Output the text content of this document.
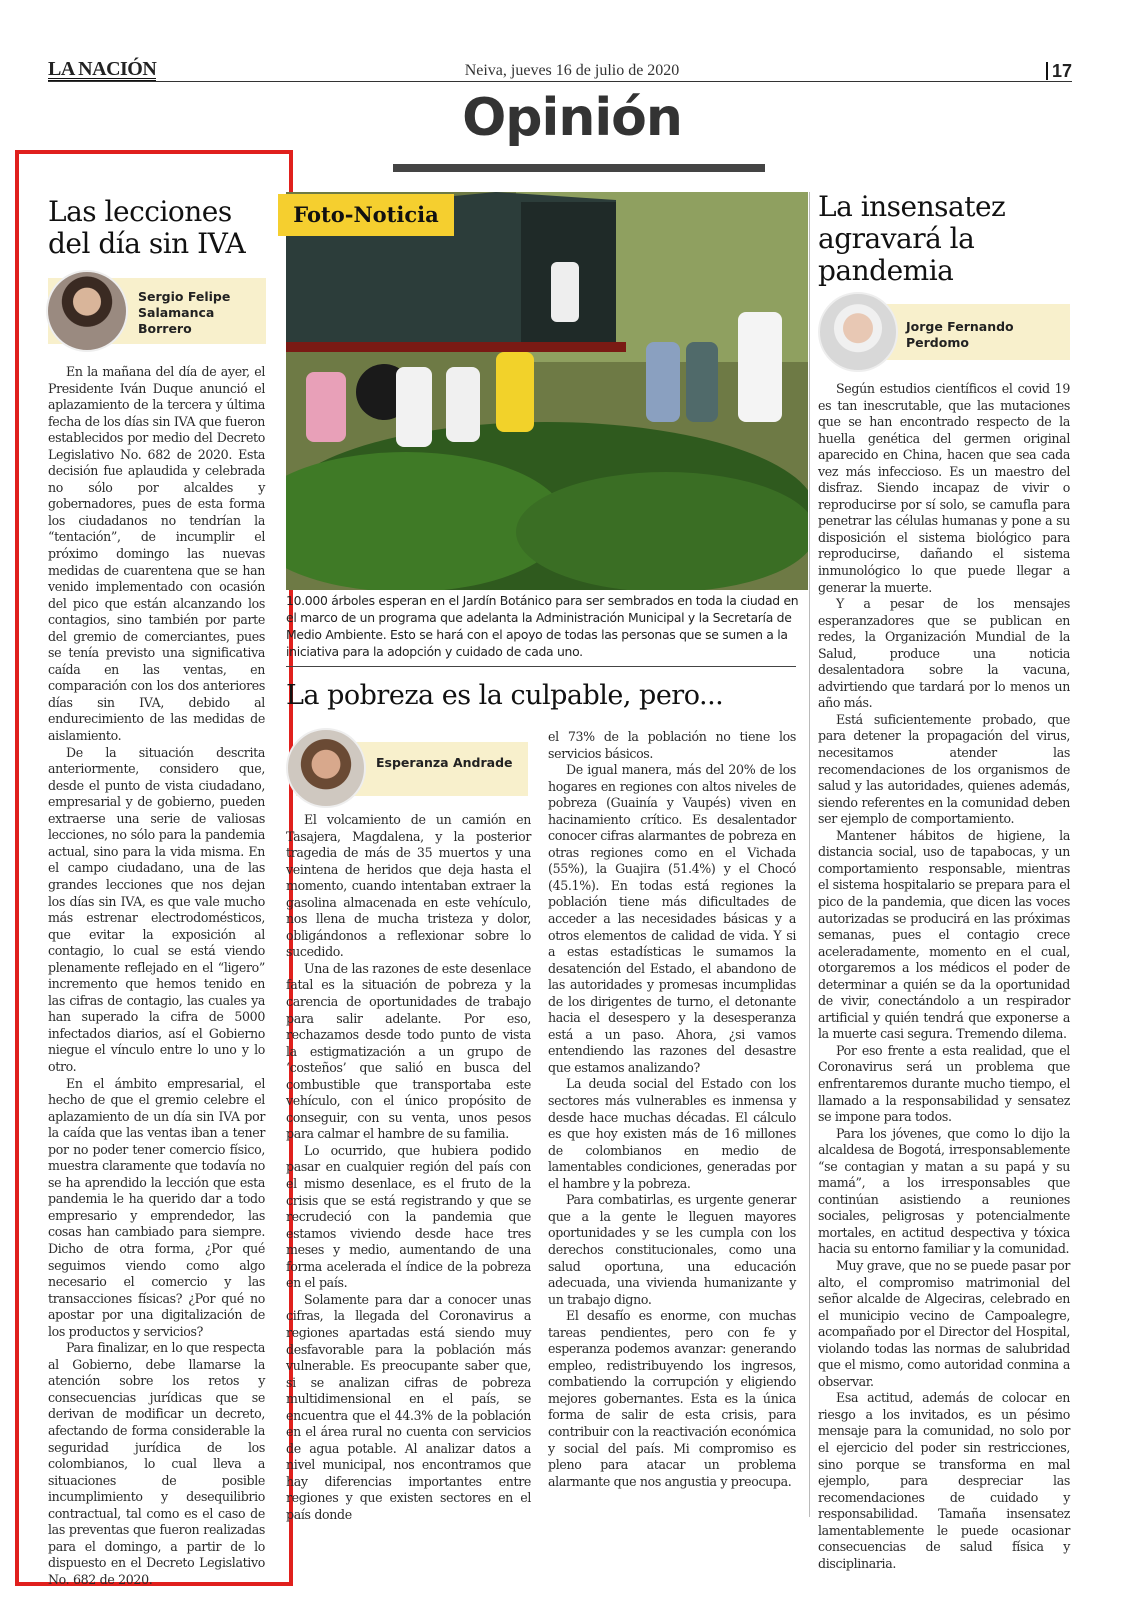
LA NACIÓN	Neiva, jueves 16 de julio de 2020	17
Opinión
Las lecciones del día sin IVA
Sergio Felipe Salamanca Borrero

En la mañana del día de ayer, el Presidente Iván Duque anunció el aplazamiento de la tercera y última fecha de los días sin IVA que fueron establecidos por medio del Decreto Legislativo No. 682 de 2020. Esta decisión fue aplaudida y celebrada no sólo por alcaldes y gobernadores, pues de esta forma los ciudadanos no tendrían la “tentación”, de incumplir el próximo domingo las nuevas medidas de cuarentena que se han venido implementado con ocasión del pico que están alcanzando los contagios, sino también por parte del gremio de comerciantes, pues se tenía previsto una significativa caída en las ventas, en comparación con los dos anteriores días sin IVA, debido al endurecimiento de las medidas de aislamiento.

De la situación descrita anteriormente, considero que, desde el punto de vista ciudadano, empresarial y de gobierno, pueden extraerse una serie de valiosas lecciones, no sólo para la pandemia actual, sino para la vida misma. En el campo ciudadano, una de las grandes lecciones que nos dejan los días sin IVA, es que vale mucho más estrenar electrodomésticos, que evitar la exposición al contagio, lo cual se está viendo plenamente reflejado en el “ligero” incremento que hemos tenido en las cifras de contagio, las cuales ya han superado la cifra de 5000 infectados diarios, así el Gobierno niegue el vínculo entre lo uno y lo otro.

En el ámbito empresarial, el hecho de que el gremio celebre el aplazamiento de un día sin IVA por la caída que las ventas iban a tener por no poder tener comercio físico, muestra claramente que todavía no se ha aprendido la lección que esta pandemia le ha querido dar a todo empresario y emprendedor, las cosas han cambiado para siempre. Dicho de otra forma, ¿Por qué seguimos viendo como algo necesario el comercio y las transacciones físicas? ¿Por qué no apostar por una digitalización de los productos y servicios?

Para finalizar, en lo que respecta al Gobierno, debe llamarse la atención sobre los retos y consecuencias jurídicas que se derivan de modificar un decreto, afectando de forma considerable la seguridad jurídica de los colombianos, lo cual lleva a situaciones de posible incumplimiento y desequilibrio contractual, tal como es el caso de las preventas que fueron realizadas para el domingo, a partir de lo dispuesto en el Decreto Legislativo No. 682 de 2020.

Foto-Noticia
10.000 árboles esperan en el Jardín Botánico para ser sembrados en toda la ciudad en el marco de un programa que adelanta la Administración Municipal y la Secretaría de Medio Ambiente. Esto se hará con el apoyo de todas las personas que se sumen a la iniciativa para la adopción y cuidado de cada uno.
La pobreza es la culpable, pero...
Esperanza Andrade

El volcamiento de un camión en Tasajera, Magdalena, y la posterior tragedia de más de 35 muertos y una veintena de heridos que deja hasta el momento, cuando intentaban extraer la gasolina almacenada en este vehículo, nos llena de mucha tristeza y dolor, obligándonos a reflexionar sobre lo sucedido.

Una de las razones de este desenlace fatal es la situación de pobreza y la carencia de oportunidades de trabajo para salir adelante. Por eso, rechazamos desde todo punto de vista la estigmatización a un grupo de ‘costeños’ que salió en busca del combustible que transportaba este vehículo, con el único propósito de conseguir, con su venta, unos pesos para calmar el hambre de su familia.

Lo ocurrido, que hubiera podido pasar en cualquier región del país con el mismo desenlace, es el fruto de la crisis que se está registrando y que se recrudeció con la pandemia que estamos viviendo desde hace tres meses y medio, aumentando de una forma acelerada el índice de la pobreza en el país.

Solamente para dar a conocer unas cifras, la llegada del Coronavirus a regiones apartadas está siendo muy desfavorable para la población más vulnerable. Es preocupante saber que, si se analizan cifras de pobreza multidimensional en el país, se encuentra que el 44.3% de la población en el área rural no cuenta con servicios de agua potable. Al analizar datos a nivel municipal, nos encontramos que hay diferencias importantes entre regiones y que existen sectores en el país donde

el 73% de la población no tiene los servicios básicos.

De igual manera, más del 20% de los hogares en regiones con altos niveles de pobreza (Guainía y Vaupés) viven en hacinamiento crítico. Es desalentador conocer cifras alarmantes de pobreza en otras regiones como en el Vichada (55%), la Guajira (51.4%) y el Chocó (45.1%). En todas está regiones la población tiene más dificultades de acceder a las necesidades básicas y a otros elementos de calidad de vida. Y si a estas estadísticas le sumamos la desatención del Estado, el abandono de las autoridades y promesas incumplidas de los dirigentes de turno, el detonante hacia el desespero y la desesperanza está a un paso. Ahora, ¿si vamos entendiendo las razones del desastre que estamos analizando?

La deuda social del Estado con los sectores más vulnerables es inmensa y desde hace muchas décadas. El cálculo es que hoy existen más de 16 millones de colombianos en medio de lamentables condiciones, generadas por el hambre y la pobreza.

Para combatirlas, es urgente generar que a la gente le lleguen mayores oportunidades y se les cumpla con los derechos constitucionales, como una salud oportuna, una educación adecuada, una vivienda humanizante y un trabajo digno.

El desafío es enorme, con muchas tareas pendientes, pero con fe y esperanza podemos avanzar: generando empleo, redistribuyendo los ingresos, combatiendo la corrupción y eligiendo mejores gobernantes. Esta es la única forma de salir de esta crisis, para contribuir con la reactivación económica y social del país. Mi compromiso es pleno para atacar un problema alarmante que nos angustia y preocupa.

La insensatez agravará la pandemia
Jorge Fernando Perdomo

Según estudios científicos el covid 19 es tan inescrutable, que las mutaciones que se han encontrado respecto de la huella genética del germen original aparecido en China, hacen que sea cada vez más infeccioso. Es un maestro del disfraz. Siendo incapaz de vivir o reproducirse por sí solo, se camufla para penetrar las células humanas y pone a su disposición el sistema biológico para reproducirse, dañando el sistema inmunológico lo que puede llegar a generar la muerte.

Y a pesar de los mensajes esperanzadores que se publican en redes, la Organización Mundial de la Salud, produce una noticia desalentadora sobre la vacuna, advirtiendo que tardará por lo menos un año más.

Está suficientemente probado, que para detener la propagación del virus, necesitamos atender las recomendaciones de los organismos de salud y las autoridades, quienes además, siendo referentes en la comunidad deben ser ejemplo de comportamiento.

Mantener hábitos de higiene, la distancia social, uso de tapabocas, y un comportamiento responsable, mientras el sistema hospitalario se prepara para el pico de la pandemia, que dicen las voces autorizadas se producirá en las próximas semanas, pues el contagio crece aceleradamente, momento en el cual, otorgaremos a los médicos el poder de determinar a quién se da la oportunidad de vivir, conectándolo a un respirador artificial y quién tendrá que exponerse a la muerte casi segura. Tremendo dilema.

Por eso frente a esta realidad, que el Coronavirus será un problema que enfrentaremos durante mucho tiempo, el llamado a la responsabilidad y sensatez se impone para todos.

Para los jóvenes, que como lo dijo la alcaldesa de Bogotá, irresponsablemente “se contagian y matan a su papá y su mamá”, a los irresponsables que continúan asistiendo a reuniones sociales, peligrosas y potencialmente mortales, en actitud despectiva y tóxica hacia su entorno familiar y la comunidad.

Muy grave, que no se puede pasar por alto, el compromiso matrimonial del señor alcalde de Algeciras, celebrado en el municipio vecino de Campoalegre, acompañado por el Director del Hospital, violando todas las normas de salubridad que el mismo, como autoridad conmina a observar.

Esa actitud, además de colocar en riesgo a los invitados, es un pésimo mensaje para la comunidad, no solo por el ejercicio del poder sin restricciones, sino porque se transforma en mal ejemplo, para despreciar las recomendaciones de cuidado y responsabilidad. Tamaña insensatez lamentablemente le puede ocasionar consecuencias de salud física y disciplinaria.
